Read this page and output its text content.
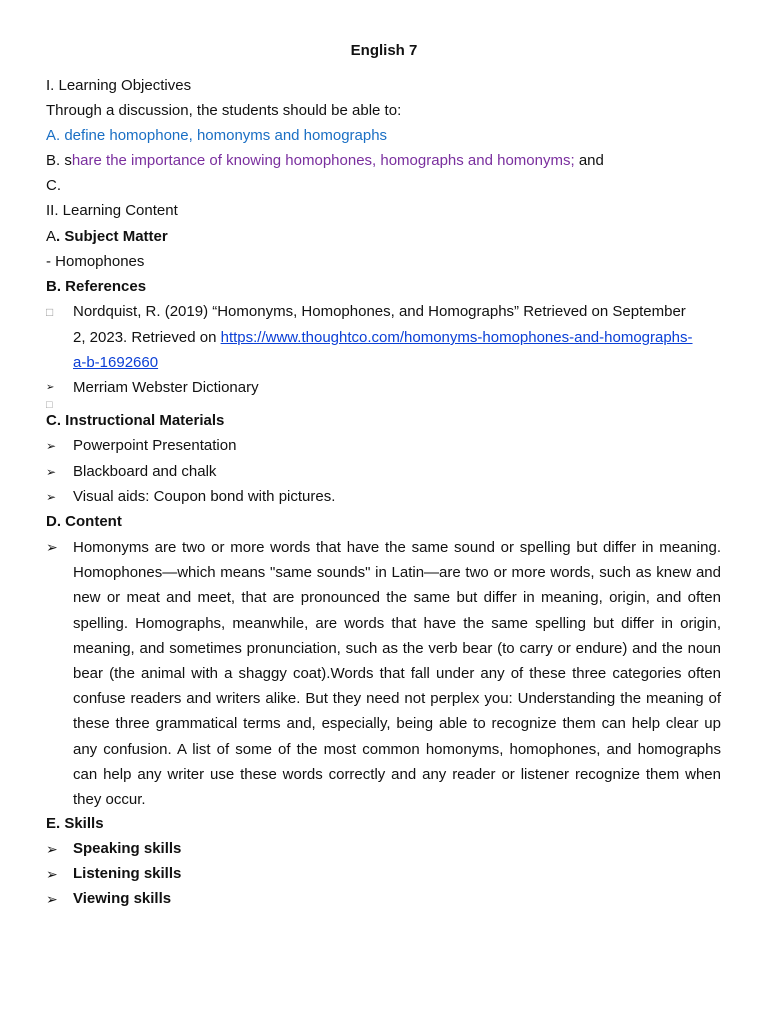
English 7
I. Learning Objectives
Through a discussion, the students should be able to:
A. define homophone, homonyms and homographs
B. share the importance of knowing homophones, homographs and homonyms; and
C.
II. Learning Content
A. Subject Matter
- Homophones
B. References
□ Nordquist, R. (2019) “Homonyms, Homophones, and Homographs” Retrieved on September
2, 2023. Retrieved on https://www.thoughtco.com/homonyms-homophones-and-homographs-
a-b-1692660
➢ Merriam Webster Dictionary
□
C. Instructional Materials
➢ Powerpoint Presentation
➢ Blackboard and chalk
➢ Visual aids: Coupon bond with pictures.
D. Content
➢ Homonyms are two or more words that have the same sound or spelling but differ in meaning. Homophones—which means "same sounds" in Latin—are two or more words, such as knew and new or meat and meet, that are pronounced the same but differ in meaning, origin, and often spelling. Homographs, meanwhile, are words that have the same spelling but differ in origin, meaning, and sometimes pronunciation, such as the verb bear (to carry or endure) and the noun bear (the animal with a shaggy coat).Words that fall under any of these three categories often confuse readers and writers alike. But they need not perplex you: Understanding the meaning of these three grammatical terms and, especially, being able to recognize them can help clear up any confusion. A list of some of the most common homonyms, homophones, and homographs can help any writer use these words correctly and any reader or listener recognize them when they occur.
E. Skills
➢ Speaking skills
➢ Listening skills
➢ Viewing skills
